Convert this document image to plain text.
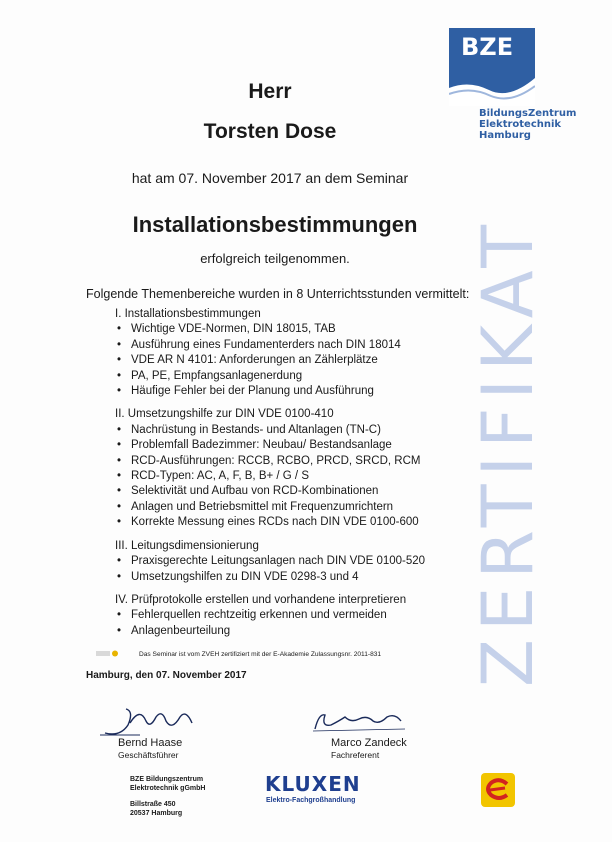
BZE
BildungsZentrum
Elektrotechnik
Hamburg
ZERTIFIKAT
Herr
Torsten Dose
hat am 07. November 2017 an dem Seminar
Installationsbestimmungen
erfolgreich teilgenommen.
Folgende Themenbereiche wurden in 8 Unterrichtsstunden vermittelt:
I. Installationsbestimmungen
• Wichtige VDE-Normen, DIN 18015, TAB
• Ausführung eines Fundamenterders nach DIN 18014
• VDE AR N 4101: Anforderungen an Zählerplätze
• PA, PE, Empfangsanlagenerdung
• Häufige Fehler bei der Planung und Ausführung
II. Umsetzungshilfe zur DIN VDE 0100-410
• Nachrüstung in Bestands- und Altanlagen (TN-C)
• Problemfall Badezimmer: Neubau/ Bestandsanlage
• RCD-Ausführungen: RCCB, RCBO, PRCD, SRCD, RCM
• RCD-Typen: AC, A, F, B, B+ / G / S
• Selektivität und Aufbau von RCD-Kombinationen
• Anlagen und Betriebsmittel mit Frequenzumrichtern
• Korrekte Messung eines RCDs nach DIN VDE 0100-600
III. Leitungsdimensionierung
• Praxisgerechte Leitungsanlagen nach DIN VDE 0100-520
• Umsetzungshilfen zu DIN VDE 0298-3 und 4
IV. Prüfprotokolle erstellen und vorhandene interpretieren
• Fehlerquellen rechtzeitig erkennen und vermeiden
• Anlagenbeurteilung
Das Seminar ist vom ZVEH zertifiziert mit der E-Akademie Zulassungsnr. 2011-831
Hamburg, den 07. November 2017
Bernd Haase
Geschäftsführer
Marco Zandeck
Fachreferent
BZE Bildungszentrum
Elektrotechnik gGmbH
Billstraße 450
20537 Hamburg
KLUXEN
Elektro-Fachgroßhandlung
